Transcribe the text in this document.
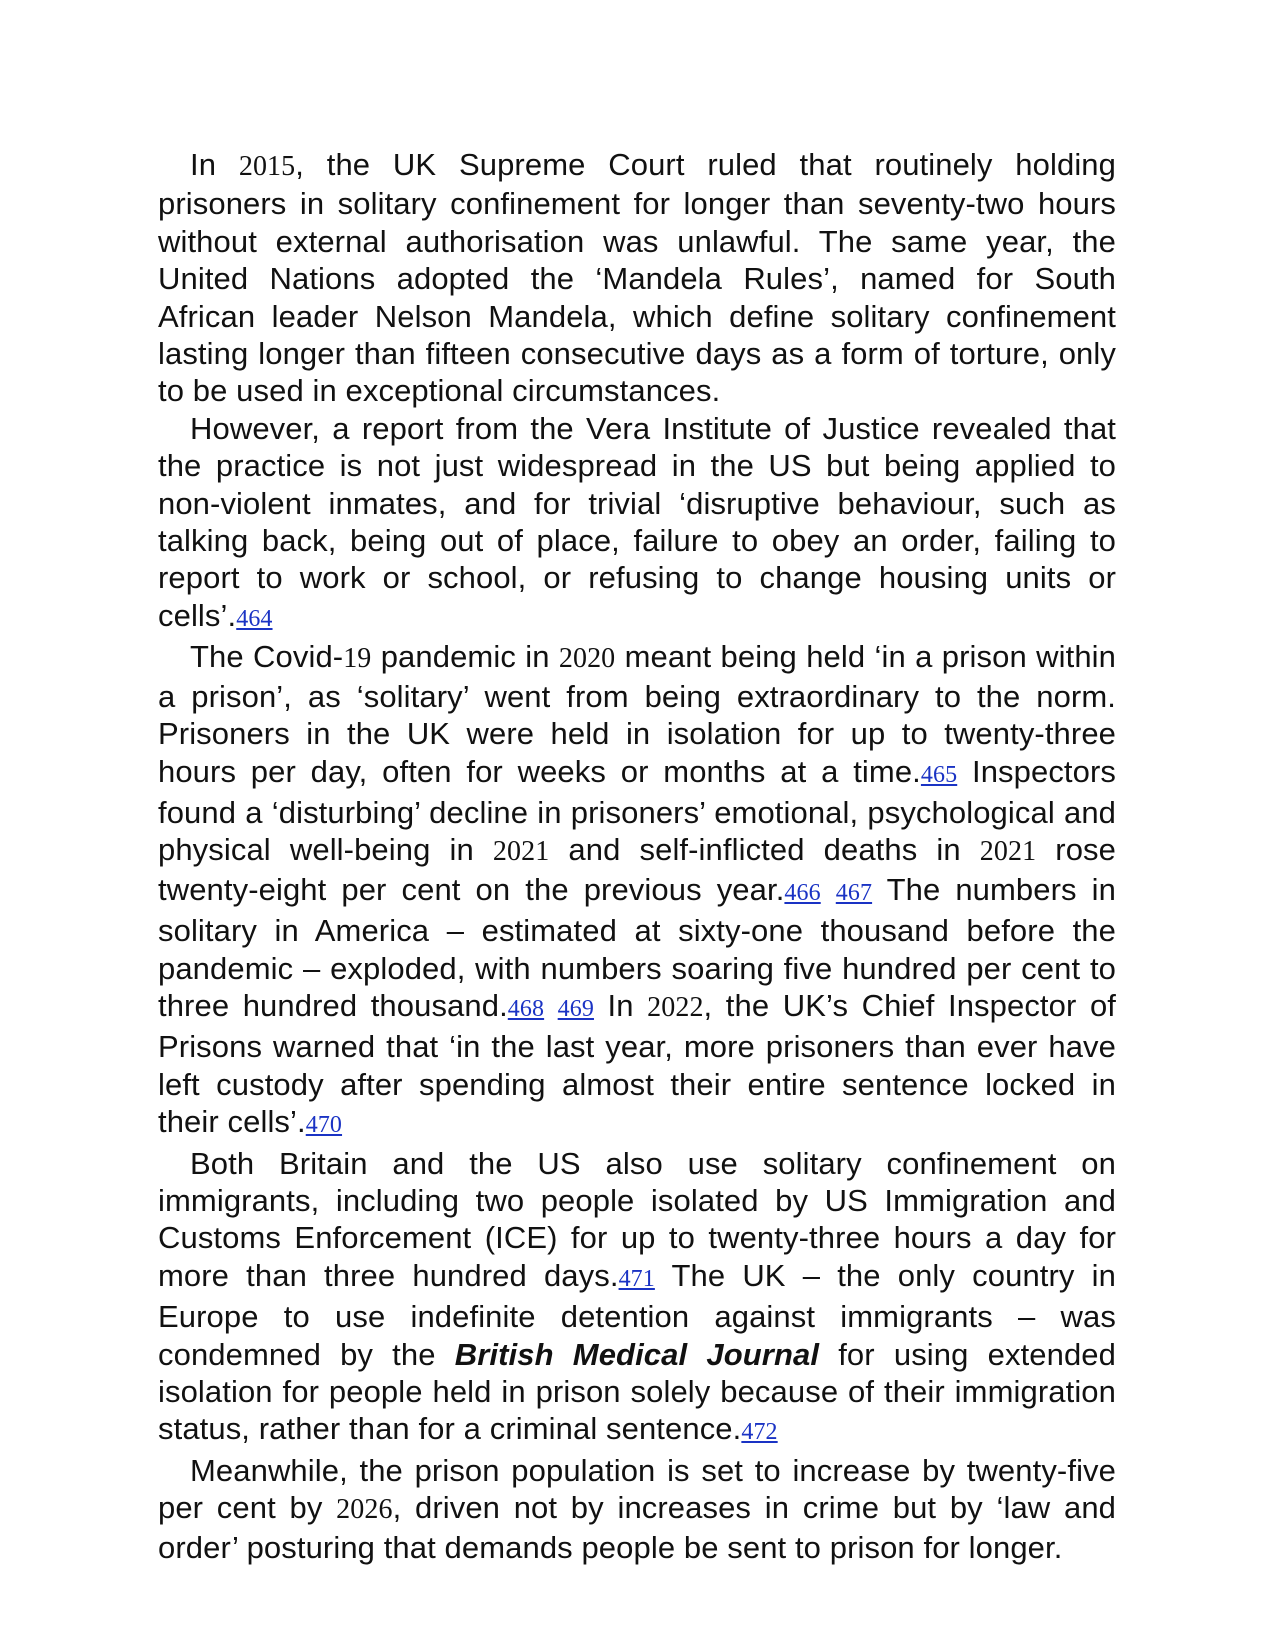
In 2015, the UK Supreme Court ruled that routinely holding prisoners in solitary confinement for longer than seventy-two hours without external authorisation was unlawful. The same year, the United Nations adopted the ‘Mandela Rules’, named for South African leader Nelson Mandela, which define solitary confinement lasting longer than fifteen consecutive days as a form of torture, only to be used in exceptional circumstances.

However, a report from the Vera Institute of Justice revealed that the practice is not just widespread in the US but being applied to non-violent inmates, and for trivial ‘disruptive behaviour, such as talking back, being out of place, failure to obey an order, failing to report to work or school, or refusing to change housing units or cells’.464

The Covid-19 pandemic in 2020 meant being held ‘in a prison within a prison’, as ‘solitary’ went from being extraordinary to the norm. Prisoners in the UK were held in isolation for up to twenty-three hours per day, often for weeks or months at a time.465 Inspectors found a ‘disturbing’ decline in prisoners’ emotional, psychological and physical well-being in 2021 and self-inflicted deaths in 2021 rose twenty-eight per cent on the previous year.466 467 The numbers in solitary in America – estimated at sixty-one thousand before the pandemic – exploded, with numbers soaring five hundred per cent to three hundred thousand.468 469 In 2022, the UK’s Chief Inspector of Prisons warned that ‘in the last year, more prisoners than ever have left custody after spending almost their entire sentence locked in their cells’.470

Both Britain and the US also use solitary confinement on immigrants, including two people isolated by US Immigration and Customs Enforcement (ICE) for up to twenty-three hours a day for more than three hundred days.471 The UK – the only country in Europe to use indefinite detention against immigrants – was condemned by the British Medical Journal for using extended isolation for people held in prison solely because of their immigration status, rather than for a criminal sentence.472

Meanwhile, the prison population is set to increase by twenty-five per cent by 2026, driven not by increases in crime but by ‘law and order’ posturing that demands people be sent to prison for longer.
